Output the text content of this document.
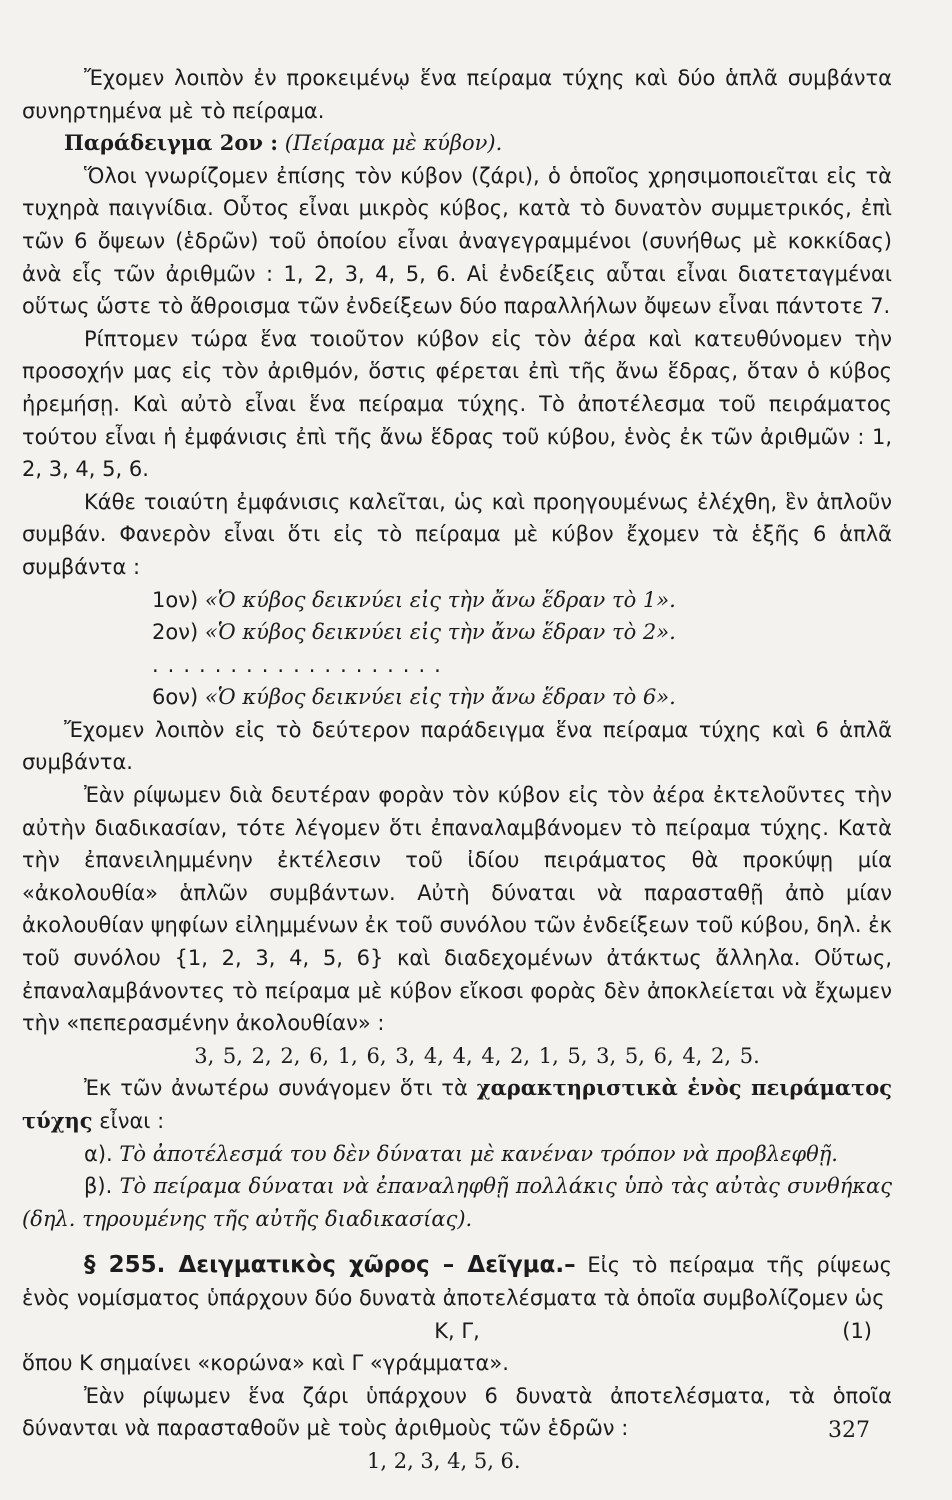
Ἔχομεν λοιπὸν ἐν προκειμένῳ ἕνα πείραμα τύχης καὶ δύο ἁπλᾶ συμβάντα συνηρτημένα μὲ τὸ πείραμα.

Παράδειγμα 2ον : (Πείραμα μὲ κύβον).

Ὅλοι γνωρίζομεν ἐπίσης τὸν κύβον (ζάρι), ὁ ὁποῖος χρησιμοποιεῖται εἰς τὰ τυχηρὰ παιγνίδια. Οὗτος εἶναι μικρὸς κύβος, κατὰ τὸ δυνατὸν συμμετρικός, ἐπὶ τῶν 6 ὄψεων (ἑδρῶν) τοῦ ὁποίου εἶναι ἀναγεγραμμένοι (συνήθως μὲ κοκκίδας) ἀνὰ εἷς τῶν ἀριθμῶν : 1, 2, 3, 4, 5, 6. Αἱ ἐνδείξεις αὗται εἶναι διατεταγμέναι οὕτως ὥστε τὸ ἄθροισμα τῶν ἐνδείξεων δύο παραλλήλων ὄψεων εἶναι πάντοτε 7.

Ρίπτομεν τώρα ἕνα τοιοῦτον κύβον εἰς τὸν ἀέρα καὶ κατευθύνομεν τὴν προσοχήν μας εἰς τὸν ἀριθμόν, ὅστις φέρεται ἐπὶ τῆς ἄνω ἕδρας, ὅταν ὁ κύβος ἠρεμήσῃ. Καὶ αὐτὸ εἶναι ἕνα πείραμα τύχης. Τὸ ἀποτέλεσμα τοῦ πειράματος τούτου εἶναι ἡ ἐμφάνισις ἐπὶ τῆς ἄνω ἕδρας τοῦ κύβου, ἑνὸς ἐκ τῶν ἀριθμῶν : 1, 2, 3, 4, 5, 6.

Κάθε τοιαύτη ἐμφάνισις καλεῖται, ὡς καὶ προηγουμένως ἐλέχθη, ἓν ἁπλοῦν συμβάν. Φανερὸν εἶναι ὅτι εἰς τὸ πείραμα μὲ κύβον ἔχομεν τὰ ἑξῆς 6 ἁπλᾶ συμβάντα :

1ον) «Ὁ κύβος δεικνύει εἰς τὴν ἄνω ἕδραν τὸ 1».

2ον) «Ὁ κύβος δεικνύει εἰς τὴν ἄνω ἕδραν τὸ 2».

...................

6ον) «Ὁ κύβος δεικνύει εἰς τὴν ἄνω ἕδραν τὸ 6».

Ἔχομεν λοιπὸν εἰς τὸ δεύτερον παράδειγμα ἕνα πείραμα τύχης καὶ 6 ἁπλᾶ συμβάντα.

Ἐὰν ρίψωμεν διὰ δευτέραν φορὰν τὸν κύβον εἰς τὸν ἀέρα ἐκτελοῦντες τὴν αὐτὴν διαδικασίαν, τότε λέγομεν ὅτι ἐπαναλαμβάνομεν τὸ πείραμα τύχης. Κατὰ τὴν ἐπανειλημμένην ἐκτέλεσιν τοῦ ἰδίου πειράματος θὰ προκύψῃ μία «ἀκολουθία» ἁπλῶν συμβάντων. Αὐτὴ δύναται νὰ παρασταθῇ ἀπὸ μίαν ἀκολουθίαν ψηφίων εἰλημμένων ἐκ τοῦ συνόλου τῶν ἐνδείξεων τοῦ κύβου, δηλ. ἐκ τοῦ συνόλου {1, 2, 3, 4, 5, 6} καὶ διαδεχομένων ἀτάκτως ἄλληλα. Οὕτως, ἐπαναλαμβάνοντες τὸ πείραμα μὲ κύβον εἴκοσι φορὰς δὲν ἀποκλείεται νὰ ἔχωμεν τὴν «πεπερασμένην ἀκολουθίαν» :

3, 5, 2, 2, 6, 1, 6, 3, 4, 4, 4, 2, 1, 5, 3, 5, 6, 4, 2, 5.

Ἐκ τῶν ἀνωτέρω συνάγομεν ὅτι τὰ χαρακτηριστικὰ ἑνὸς πειράματος τύχης εἶναι :

α). Τὸ ἀποτέλεσμά του δὲν δύναται μὲ κανέναν τρόπον νὰ προβλεφθῇ.

β). Τὸ πείραμα δύναται νὰ ἐπαναληφθῇ πολλάκις ὑπὸ τὰς αὐτὰς συνθήκας (δηλ. τηρουμένης τῆς αὐτῆς διαδικασίας).

§ 255. Δειγματικὸς χῶρος – Δεῖγμα.– Εἰς τὸ πείραμα τῆς ρίψεως ἑνὸς νομίσματος ὑπάρχουν δύο δυνατὰ ἀποτελέσματα τὰ ὁποῖα συμβολίζομεν ὡς

Κ, Γ,	(1)

ὅπου Κ σημαίνει «κορώνα» καὶ Γ «γράμματα».

Ἐὰν ρίψωμεν ἕνα ζάρι ὑπάρχουν 6 δυνατὰ ἀποτελέσματα, τὰ ὁποῖα δύνανται νὰ παρασταθοῦν μὲ τοὺς ἀριθμοὺς τῶν ἑδρῶν :

1, 2, 3, 4, 5, 6.

327
